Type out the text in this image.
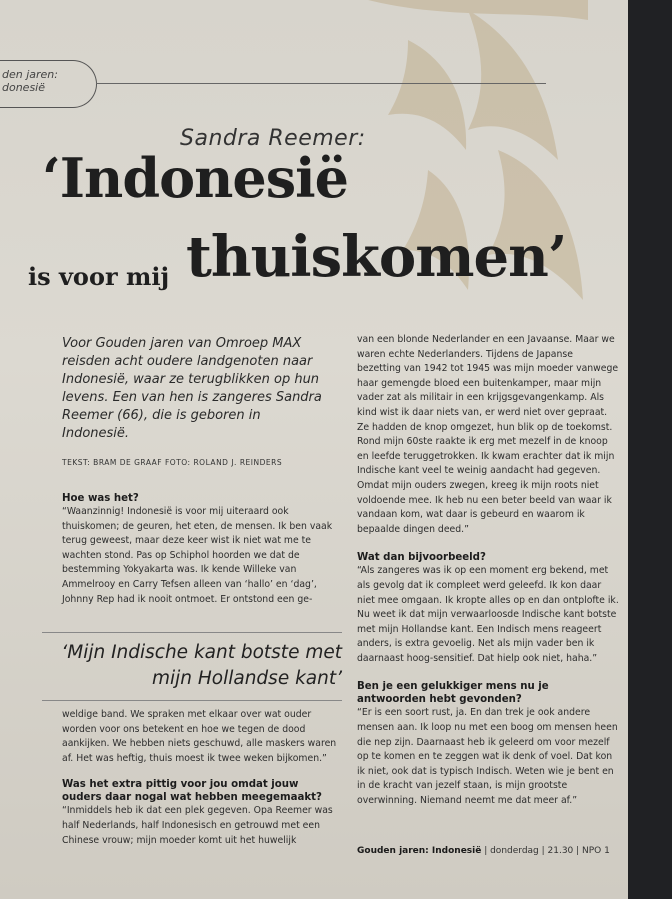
den jaren:
donesië
Sandra Reemer:
‘Indonesië
is voor mij thuiskomen’
Voor Gouden jaren van Omroep MAX reisden acht oudere landgenoten naar Indonesië, waar ze terugblikken op hun levens. Een van hen is zangeres Sandra Reemer (66), die is geboren in Indonesië.
TEKST: BRAM DE GRAAF FOTO: ROLAND J. REINDERS

Hoe was het?

“Waanzinnig! Indonesië is voor mij uiteraard ook thuiskomen; de geuren, het eten, de mensen. Ik ben vaak terug geweest, maar deze keer wist ik niet wat me te wachten stond. Pas op Schiphol hoorden we dat de bestemming Yokyakarta was. Ik kende Willeke van Ammelrooy en Carry Tefsen alleen van ‘hallo’ en ‘dag’, Johnny Rep had ik nooit ontmoet. Er ontstond een ge-

‘Mijn Indische kant botste met mijn Hollandse kant’

weldige band. We spraken met elkaar over wat ouder worden voor ons betekent en hoe we tegen de dood aankijken. We hebben niets geschuwd, alle maskers waren af. Het was heftig, thuis moest ik twee weken bijkomen.”

Was het extra pittig voor jou omdat jouw ouders daar nogal wat hebben meegemaakt?

“Inmiddels heb ik dat een plek gegeven. Opa Reemer was half Nederlands, half Indonesisch en getrouwd met een Chinese vrouw; mijn moeder komt uit het huwelijk

van een blonde Nederlander en een Javaanse. Maar we waren echte Nederlanders. Tijdens de Japanse bezetting van 1942 tot 1945 was mijn moeder vanwege haar gemengde bloed een buitenkamper, maar mijn vader zat als militair in een krijgsgevangenkamp. Als kind wist ik daar niets van, er werd niet over gepraat. Ze hadden de knop omgezet, hun blik op de toekomst. Rond mijn 60ste raakte ik erg met mezelf in de knoop en leefde teruggetrokken. Ik kwam erachter dat ik mijn Indische kant veel te weinig aandacht had gegeven. Omdat mijn ouders zwegen, kreeg ik mijn roots niet voldoende mee. Ik heb nu een beter beeld van waar ik vandaan kom, wat daar is gebeurd en waarom ik bepaalde dingen deed.”

Wat dan bijvoorbeeld?

“Als zangeres was ik op een moment erg bekend, met als gevolg dat ik compleet werd geleefd. Ik kon daar niet mee omgaan. Ik kropte alles op en dan ontplofte ik. Nu weet ik dat mijn verwaarloosde Indische kant botste met mijn Hollandse kant. Een Indisch mens reageert anders, is extra gevoelig. Net als mijn vader ben ik daarnaast hoog-sensitief. Dat hielp ook niet, haha.”

Ben je een gelukkiger mens nu je antwoorden hebt gevonden?

“Er is een soort rust, ja. En dan trek je ook andere mensen aan. Ik loop nu met een boog om mensen heen die nep zijn. Daarnaast heb ik geleerd om voor mezelf op te komen en te zeggen wat ik denk of voel. Dat kon ik niet, ook dat is typisch Indisch. Weten wie je bent en in de kracht van jezelf staan, is mijn grootste overwinning. Niemand neemt me dat meer af.”

Gouden jaren: Indonesië | donderdag | 21.30 | NPO 1
